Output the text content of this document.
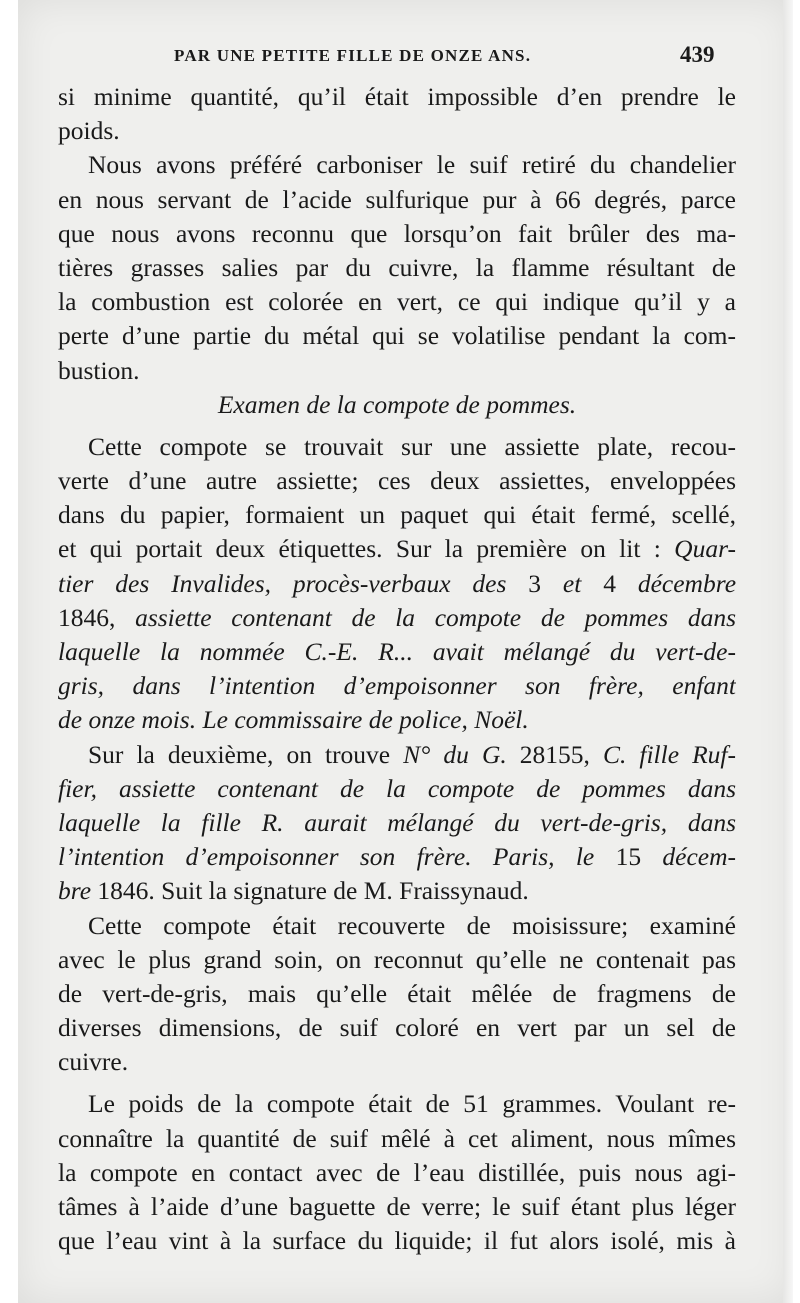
PAR UNE PETITE FILLE DE ONZE ANS.	439
si minime quantité, qu’il était impossible d’en prendre le
poids.
Nous avons préféré carboniser le suif retiré du chandelier
en nous servant de l’acide sulfurique pur à 66 degrés, parce
que nous avons reconnu que lorsqu’on fait brûler des ma-
tières grasses salies par du cuivre, la flamme résultant de
la combustion est colorée en vert, ce qui indique qu’il y a
perte d’une partie du métal qui se volatilise pendant la com-
bustion.
Examen de la compote de pommes.
Cette compote se trouvait sur une assiette plate, recou-
verte d’une autre assiette; ces deux assiettes, enveloppées
dans du papier, formaient un paquet qui était fermé, scellé,
et qui portait deux étiquettes. Sur la première on lit : Quar-
tier des Invalides, procès-verbaux des 3 et 4 décembre
1846, assiette contenant de la compote de pommes dans
laquelle la nommée C.-E. R... avait mélangé du vert-de-
gris, dans l’intention d’empoisonner son frère, enfant
de onze mois. Le commissaire de police, Noël.
Sur la deuxième, on trouve N° du G. 28155, C. fille Ruf-
fier, assiette contenant de la compote de pommes dans
laquelle la fille R. aurait mélangé du vert-de-gris, dans
l’intention d’empoisonner son frère. Paris, le 15 décem-
bre 1846. Suit la signature de M. Fraissynaud.
Cette compote était recouverte de moisissure; examiné
avec le plus grand soin, on reconnut qu’elle ne contenait pas
de vert-de-gris, mais qu’elle était mêlée de fragmens de
diverses dimensions, de suif coloré en vert par un sel de
cuivre.
Le poids de la compote était de 51 grammes. Voulant re-
connaître la quantité de suif mêlé à cet aliment, nous mîmes
la compote en contact avec de l’eau distillée, puis nous agi-
tâmes à l’aide d’une baguette de verre; le suif étant plus léger
que l’eau vint à la surface du liquide; il fut alors isolé, mis à
